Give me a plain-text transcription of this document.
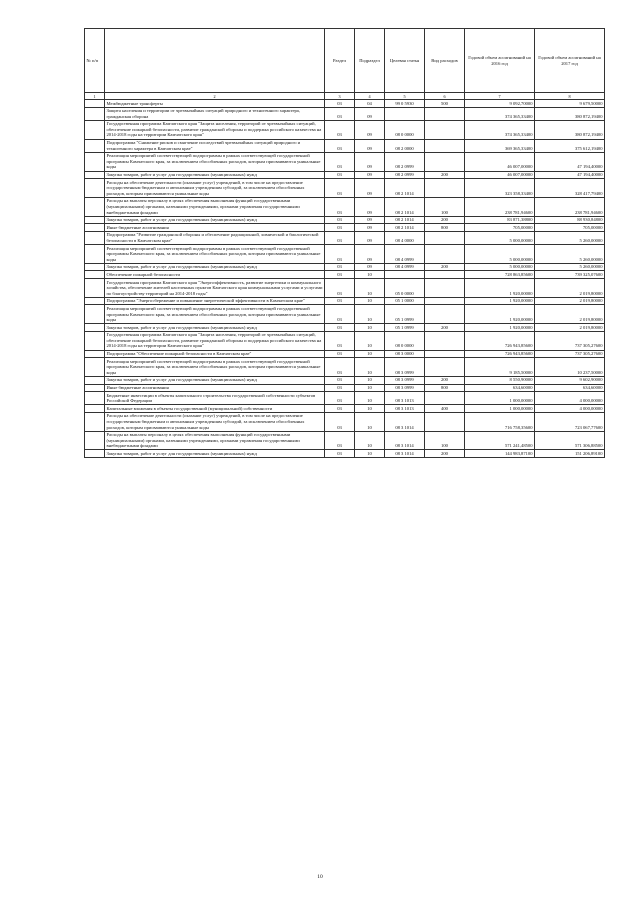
№ п/п		Раздел	Подраздел	Целевая статья	Вид расходов	Годовой объем ассигнований на 2016 год	Годовой объем ассигнований на 2017 год
1	2	3	4	5	6	7	8
	Межбюджетные трансферты	03	04	99 0 5930	500	9 092,70000	9 679,50000
	Защита населения и территории от чрезвычайных ситуаций природного и техногенного характера, гражданская оборона	03	09			374 365,33400	380 872,19400
	Государственная программа Камчатского края "Защита населения, территорий от чрезвычайных ситуаций, обеспечение пожарной безопасности, развитие гражданской обороны и поддержка российского казачества на 2014-2018 годы на территории Камчатского края"	03	09	08 0 0000		374 365,33400	380 872,19400
	Подпрограмма "Снижение рисков и смягчение последствий чрезвычайных ситуаций природного и техногенного характера в Камчатском крае"	03	09	08 2 0000		369 365,33400	375 612,19400
	Реализация мероприятий соответствующей подпрограммы в рамках соответствующей государственной программы Камчатского края, за исключением обособленных расходов, которым присваиваются уникальные коды	03	09	08 2 0999		46 007,00000	47 194,40000
	Закупка товаров, работ и услуг для государственных (муниципальных) нужд	03	09	08 2 0999	200	46 007,00000	47 194,40000
	Расходы на обеспечение деятельности (оказание услуг) учреждений, в том числе на предоставление государственным бюджетным и автономным учреждениям субсидий, за исключением обособленных расходов, которым присваиваются уникальные коды	03	09	08 2 1014		323 358,33400	328 417,79400
	Расходы на выплаты персоналу в целях обеспечения выполнения функций государственными (муниципальными) органами, казенными учреждениями, органами управления государственными внебюджетными фондами	03	09	08 2 1014	100	238 781,94600	238 781,94600
	Закупка товаров, работ и услуг для государственных (муниципальных) нужд	03	09	08 2 1014	200	83 871,38800	88 930,84800
	Иные бюджетные ассигнования	03	09	08 2 1014	800	705,00000	705,00000
	Подпрограмма "Развитие гражданской обороны и обеспечение радиационной, химической и биологической безопасности в Камчатском крае"	03	09	08 4 0000		5 000,00000	5 260,00000
	Реализация мероприятий соответствующей подпрограммы в рамках соответствующей государственной программы Камчатского края, за исключением обособленных расходов, которым присваиваются уникальные коды	03	09	08 4 0999		5 000,00000	5 260,00000
	Закупка товаров, работ и услуг для государственных (муниципальных) нужд	03	09	08 4 0999	200	5 000,00000	5 260,00000
	Обеспечение пожарной безопасности	03	10			728 863,85600	739 325,07600
	Государственная программа Камчатского края "Энергоэффективность, развитие энергетики и коммунального хозяйства, обеспечение жителей населенных пунктов Камчатского края коммунальными услугами и услугами по благоустройству территорий на 2014-2018 годы"	03	10	05 0 0000		1 920,00000	2 019,80000
	Подпрограмма "Энергосбережение и повышение энергетической эффективности в Камчатском крае"	03	10	05 1 0000		1 920,00000	2 019,80000
	Реализация мероприятий соответствующей подпрограммы в рамках соответствующей государственной программы Камчатского края, за исключением обособленных расходов, которым присваиваются уникальные коды	03	10	05 1 0999		1 920,00000	2 019,80000
	Закупка товаров, работ и услуг для государственных (муниципальных) нужд	03	10	05 1 0999	200	1 920,00000	2 019,80000
	Государственная программа Камчатского края "Защита населения, территорий от чрезвычайных ситуаций, обеспечение пожарной безопасности, развитие гражданской обороны и поддержка российского казачества на 2014-2018 годы на территории Камчатского края"	03	10	08 0 0000		726 943,85600	737 305,27600
	Подпрограмма "Обеспечение пожарной безопасности в Камчатском крае"	03	10	08 3 0000		726 943,85600	737 305,27600
	Реализация мероприятий соответствующей подпрограммы в рамках соответствующей государственной программы Камчатского края, за исключением обособленных расходов, которым присваиваются уникальные коды	03	10	08 3 0999		9 185,50000	10 237,50000
	Закупка товаров, работ и услуг для государственных (муниципальных) нужд	03	10	08 3 0999	200	8 550,90000	9 602,90000
	Иные бюджетные ассигнования	03	10	08 3 0999	800	634,60000	634,60000
	Бюджетные инвестиции в объекты капитального строительства государственной собственности субъектов Российской Федерации	03	10	08 3 1013		1 000,00000	4 000,00000
	Капитальные вложения в объекты государственной (муниципальной) собственности	03	10	08 3 1013	400	1 000,00000	4 000,00000
	Расходы на обеспечение деятельности (оказание услуг) учреждений, в том числе на предоставление государственным бюджетным и автономным учреждениям субсидий, за исключением обособленных расходов, которым присваиваются уникальные коды	03	10	08 3 1014		716 758,35600	723 067,77600
	Расходы на выплаты персоналу в целях обеспечения выполнения функций государственными (муниципальными) органами, казенными учреждениями, органами управления государственными внебюджетными фондами	03	10	08 3 1014	100	571 241,48500	571 306,88500
	Закупка товаров, работ и услуг для государственных (муниципальных) нужд	03	10	08 3 1014	200	144 983,87100	151 206,89100
10
